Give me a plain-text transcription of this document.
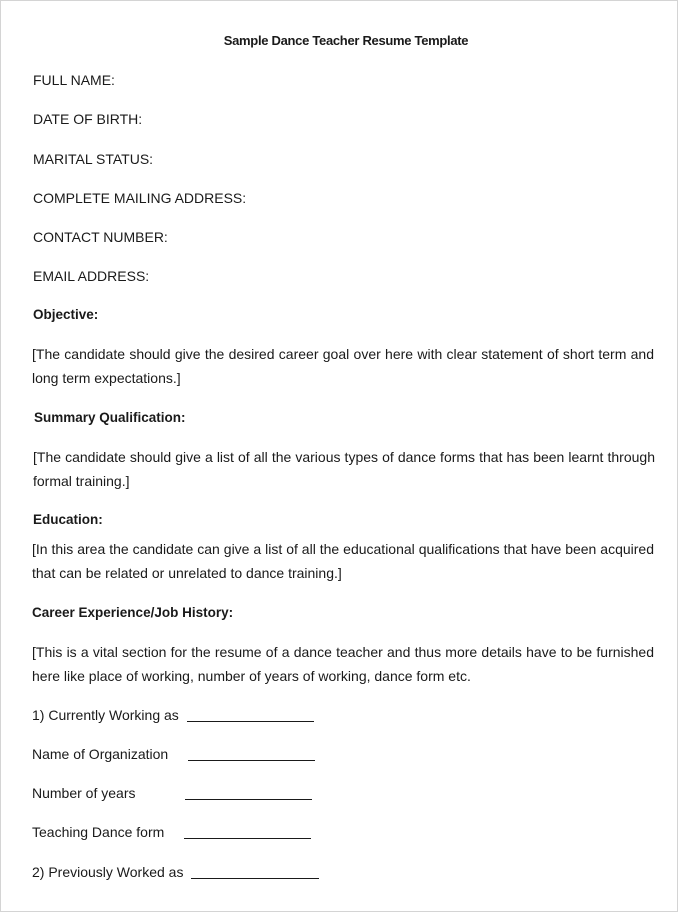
Sample Dance Teacher Resume Template
FULL NAME:
DATE OF BIRTH:
MARITAL STATUS:
COMPLETE MAILING ADDRESS:
CONTACT NUMBER:
EMAIL ADDRESS:
Objective:
[The candidate should give the desired career goal over here with clear statement of short term and long term expectations.]
Summary Qualification:
[The candidate should give a list of all the various types of dance forms that has been learnt through formal training.]
Education:
[In this area the candidate can give a list of all the educational qualifications that have been acquired that can be related or unrelated to dance training.]
Career Experience/Job History:
[This is a vital section for the resume of a dance teacher and thus more details have to be furnished here like place of working, number of years of working, dance form etc.
1) Currently Working as
Name of Organization
Number of years
Teaching Dance form
2) Previously Worked as
